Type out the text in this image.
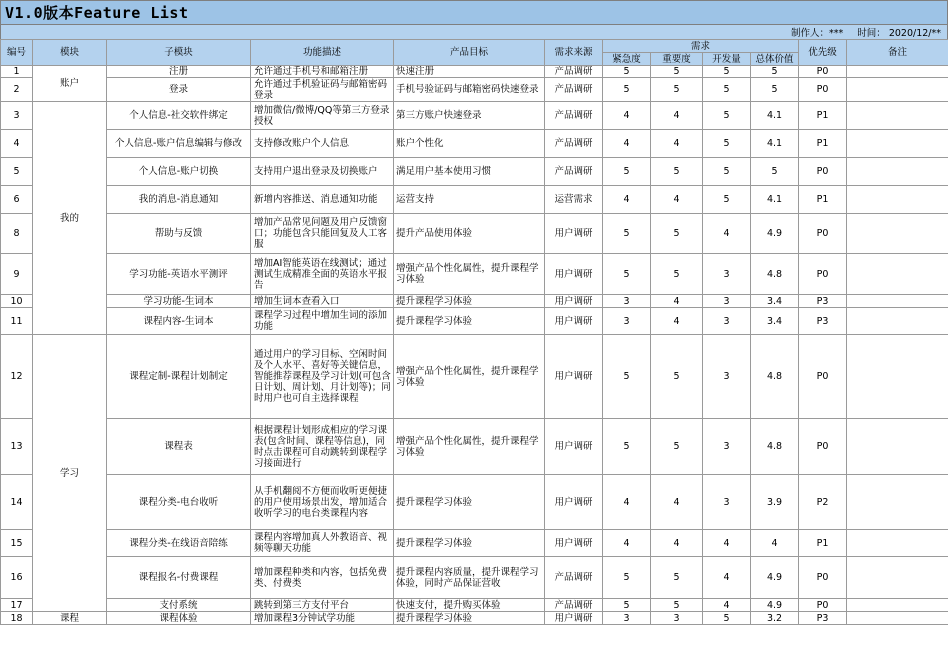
V1.0版本Feature List
制作人：*** 时间： 2020/12/**
编号	模块	子模块	功能描述	产品目标	需求来源	需求				优先级	备注
						紧急度	重要度	开发量	总体价值		
1	账户	注册	允许通过手机号和邮箱注册	快速注册	产品调研	5	5	5	5	P0	
2		登录	允许通过手机验证码与邮箱密码登录	手机号验证码与邮箱密码快速登录	产品调研	5	5	5	5	P0	
3	我的	个人信息-社交软件绑定	增加微信/微博/QQ等第三方登录授权	第三方账户快速登录	产品调研	4	4	5	4.1	P1	
4		个人信息-账户信息编辑与修改	支持修改账户个人信息	账户个性化	产品调研	4	4	5	4.1	P1	
5		个人信息-账户切换	支持用户退出登录及切换账户	满足用户基本使用习惯	产品调研	5	5	5	5	P0	
6		我的消息-消息通知	新增内容推送、消息通知功能	运营支持	运营需求	4	4	5	4.1	P1	
8		帮助与反馈	增加产品常见问题及用户反馈窗口；功能包含只能回复及人工客服	提升产品使用体验	用户调研	5	5	4	4.9	P0	
9		学习功能-英语水平测评	增加AI智能英语在线测试；通过测试生成精准全面的英语水平报告	增强产品个性化属性，提升课程学习体验	用户调研	5	5	3	4.8	P0	
10		学习功能-生词本	增加生词本查看入口	提升课程学习体验	用户调研	3	4	3	3.4	P3	
11		课程内容-生词本	课程学习过程中增加生词的添加功能	提升课程学习体验	用户调研	3	4	3	3.4	P3	
12	学习	课程定制-课程计划制定	通过用户的学习目标、空闲时间及个人水平、喜好等关键信息，智能推荐课程及学习计划(可包含日计划、周计划、月计划等)；同时用户也可自主选择课程	增强产品个性化属性，提升课程学习体验	用户调研	5	5	3	4.8	P0	
13		课程表	根据课程计划形成相应的学习课表(包含时间、课程等信息)，同时点击课程可自动跳转到课程学习接面进行	增强产品个性化属性，提升课程学习体验	用户调研	5	5	3	4.8	P0	
14		课程分类-电台收听	从手机翻阅不方便而收听更便捷的用户使用场景出发，增加适合收听学习的电台类课程内容	提升课程学习体验	用户调研	4	4	3	3.9	P2	
15		课程分类-在线语音陪练	课程内容增加真人外教语音、视频等聊天功能	提升课程学习体验	用户调研	4	4	4	4	P1	
16		课程报名-付费课程	增加课程种类和内容，包括免费类、付费类	提升课程内容质量，提升课程学习体验，同时产品保证营收	产品调研	5	5	4	4.9	P0	
17		支付系统	跳转到第三方支付平台	快速支付，提升购买体验	产品调研	5	5	4	4.9	P0	
18	课程	课程体验	增加课程3分钟试学功能	提升课程学习体验	用户调研	3	3	5	3.2	P3	
